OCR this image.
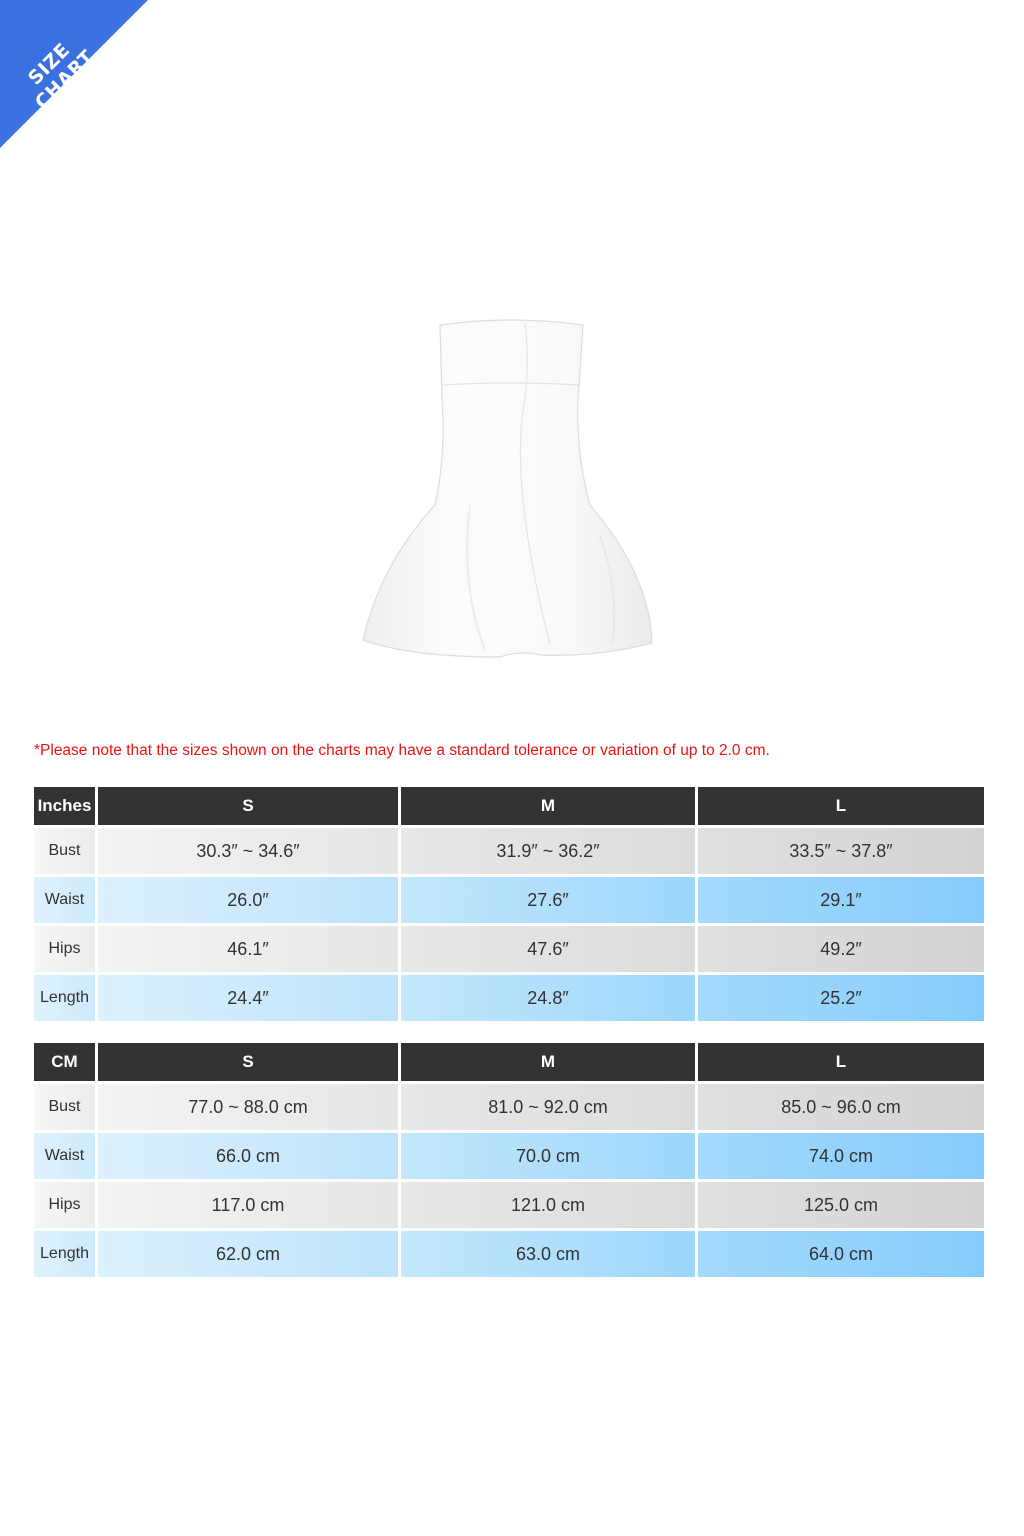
SIZE CHART
*Please note that the sizes shown on the charts may have a standard tolerance or variation of up to 2.0 cm.
Inches	S	M	L
Bust	30.3″ ~ 34.6″	31.9″ ~ 36.2″	33.5″ ~ 37.8″
Waist	26.0″	27.6″	29.1″
Hips	46.1″	47.6″	49.2″
Length	24.4″	24.8″	25.2″
CM	S	M	L
Bust	77.0 ~ 88.0 cm	81.0 ~ 92.0 cm	85.0 ~ 96.0 cm
Waist	66.0 cm	70.0 cm	74.0 cm
Hips	117.0 cm	121.0 cm	125.0 cm
Length	62.0 cm	63.0 cm	64.0 cm
